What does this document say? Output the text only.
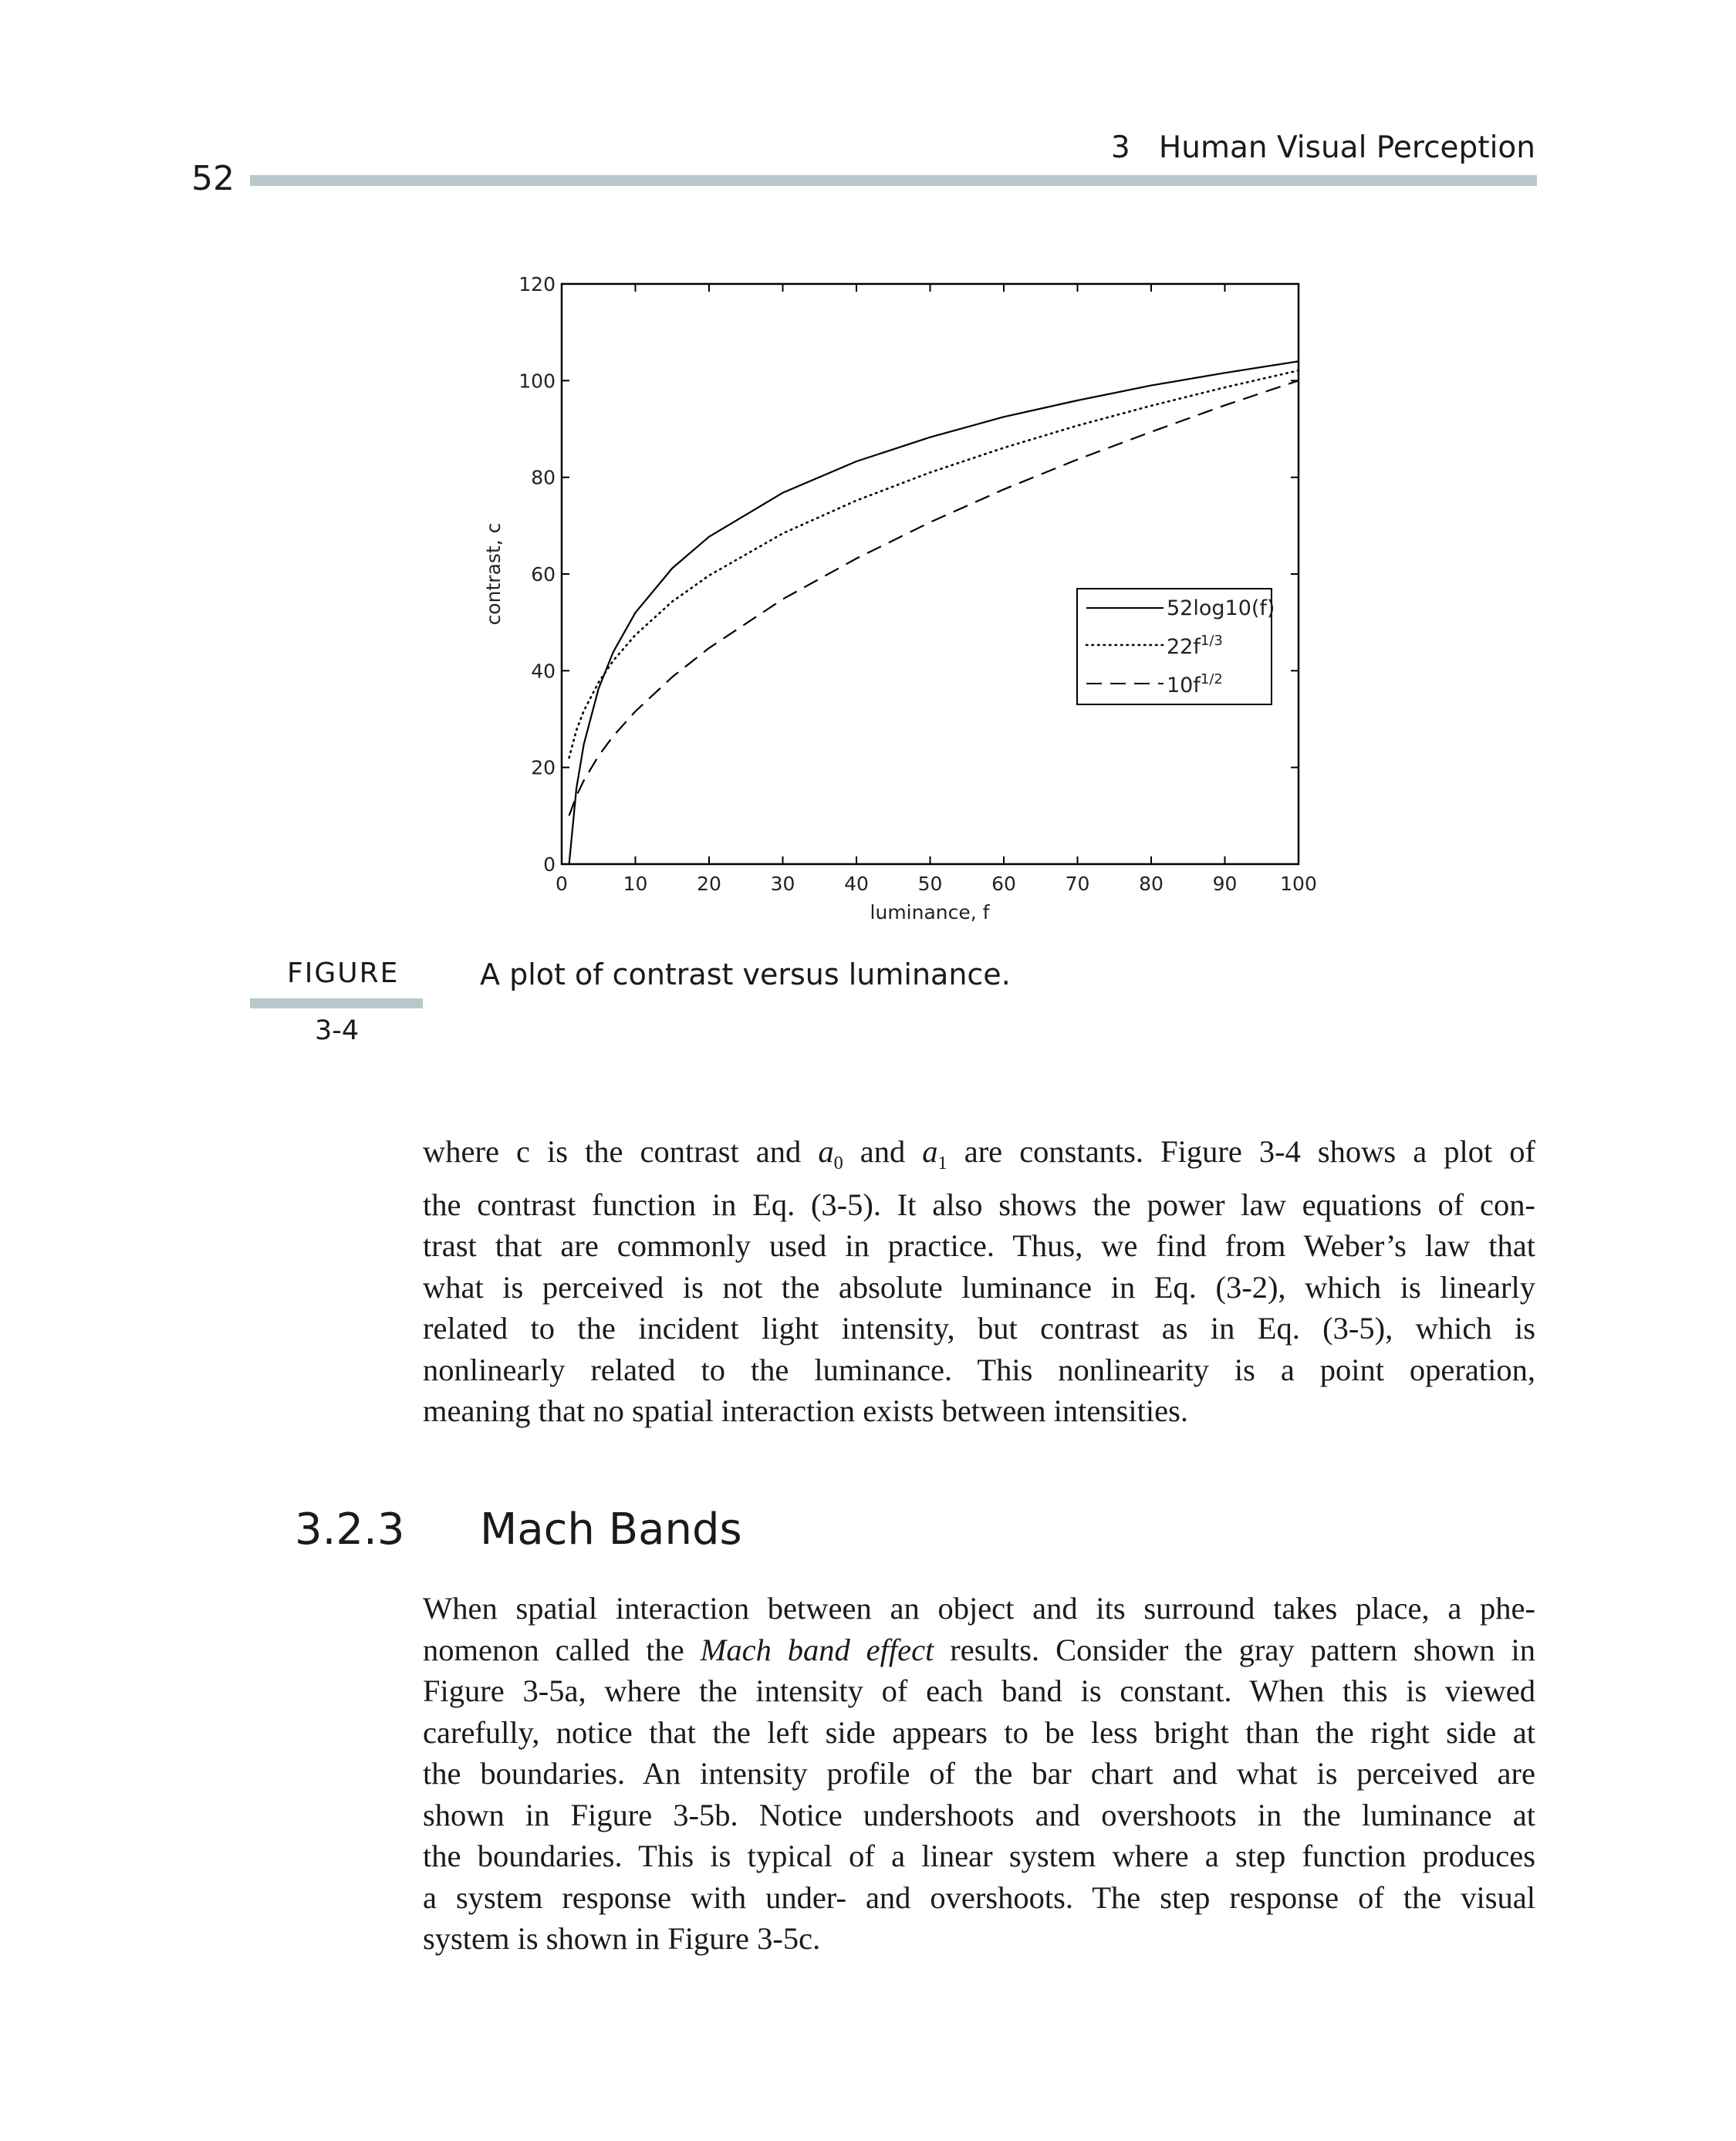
52
3   Human Visual Perception
0	10	20	30	40	50	60	70	80	90 100
0
20
40
60
80
100
120
luminance, f
contrast, c	52log10(f)
$22f^{1/3}$
$10f^{1/2}$
FIGURE
3-4
A plot of contrast versus luminance.
where c is the contrast and $a_0$ and $a_1$ are constants. Figure 3-4 shows a plot of
the contrast function in Eq. (3-5). It also shows the power law equations of con-
trast that are commonly used in practice. Thus, we find from Weber’s law that
what is perceived is not the absolute luminance in Eq. (3-2), which is linearly
related to the incident light intensity, but contrast as in Eq. (3-5), which is
nonlinearly related to the luminance. This nonlinearity is a point operation,
meaning that no spatial interaction exists between intensities.
3.2.3 Mach Bands
When spatial interaction between an object and its surround takes place, a phe-
nomenon called the Mach band effect results. Consider the gray pattern shown in
Figure 3-5a, where the intensity of each band is constant. When this is viewed
carefully, notice that the left side appears to be less bright than the right side at
the boundaries. An intensity profile of the bar chart and what is perceived are
shown in Figure 3-5b. Notice undershoots and overshoots in the luminance at
the boundaries. This is typical of a linear system where a step function produces
a system response with under- and overshoots. The step response of the visual
system is shown in Figure 3-5c.
